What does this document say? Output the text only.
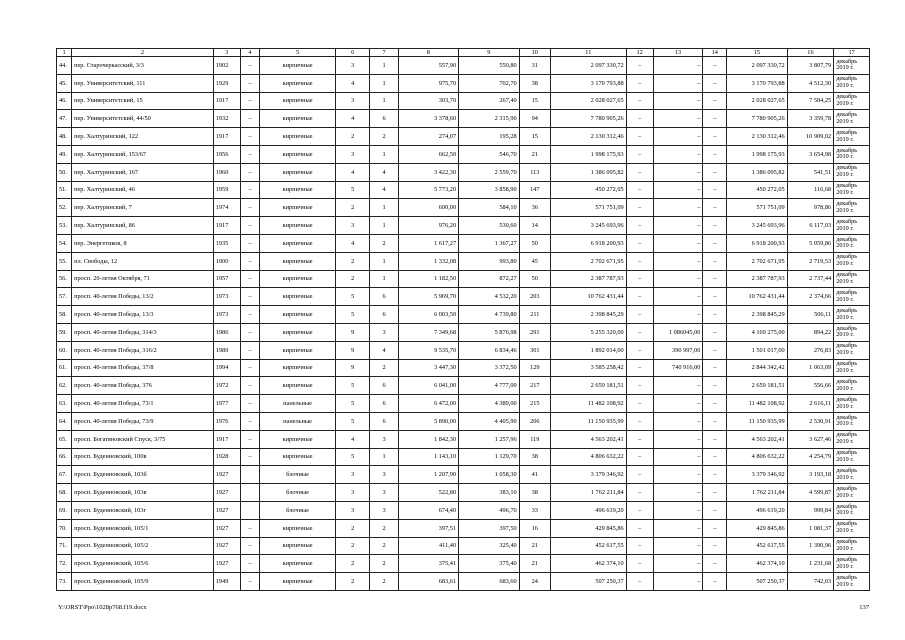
1	2	3	4	5	6	7	8	9	10	11	12	13	14	15	16	17
44.	пер. Старочеркасский, 3/3	1902	–	кирпичные	3	1	557,90	550,80	31	2 097 330,72	–	–	–	2 097 330,72	3 807,79	декабрь 2019 г.
45.	пер. Университетский, 111	1929	–	кирпичные	4	1	975,70	702,70	38	3 170 793,88	–	–	–	3 170 793,88	4 512,30	декабрь 2019 г.
46.	пер. Университетский, 15	1917	–	кирпичные	3	1	303,70	267,40	15	2 028 027,65	–	–	–	2 028 027,65	7 584,25	декабрь 2019 г.
47.	пер. Университетский, 44/50	1932	–	кирпичные	4	6	3 378,60	2 315,90	94	7 780 905,26	–	–	–	7 780 905,26	3 359,78	декабрь 2019 г.
48.	пер. Халтуринский, 122	1917	–	кирпичные	2	2	274,07	195,28	15	2 130 312,46	–	–	–	2 130 312,46	10 909,02	декабрь 2019 г.
49.	пер. Халтуринский, 153/67	1956	–	кирпичные	3	1	662,50	546,70	21	1 998 175,93	–	–	–	1 998 175,93	3 654,98	декабрь 2019 г.
50.	пер. Халтуринский, 167	1960	–	кирпичные	4	4	3 422,30	2 559,70	113	1 386 095,82	–	–	–	1 386 095,82	541,51	декабрь 2019 г.
51.	пер. Халтуринский, 46	1959	–	кирпичные	5	4	5 773,20	3 858,90	147	450 272,05	–	–	–	450 272,05	116,68	декабрь 2019 г.
52.	пер. Халтуринский, 7	1974	–	кирпичные	2	1	600,00	584,10	36	571 751,09	–	–	–	571 751,09	978,86	декабрь 2019 г.
53.	пер. Халтуринский, 86	1917	–	кирпичные	3	1	976,20	530,60	14	3 245 693,96	–	–	–	3 245 693,96	6 117,03	декабрь 2019 г.
54.	пер. Энергетиков, 8	1935	–	кирпичные	4	2	1 617,27	1 367,27	50	6 918 200,93	–	–	–	6 918 200,93	5 059,86	декабрь 2019 г.
55.	пл. Свободы, 12	1900	–	кирпичные	2	1	1 332,08	993,80	45	2 702 671,95	–	–	–	2 702 671,95	2 719,53	декабрь 2019 г.
56.	просп. 20-летия Октября, 71	1957	–	кирпичные	2	1	1 182,50	872,27	50	2 387 787,93	–	–	–	2 387 787,93	2 737,44	декабрь 2019 г.
57.	просп. 40-летия Победы, 13/2	1973	–	кирпичные	5	6	5 969,70	4 532,20	203	10 762 431,44	–	–	–	10 762 431,44	2 374,66	декабрь 2019 г.
58.	просп. 40-летия Победы, 13/3	1973	–	кирпичные	5	6	6 003,50	4 739,80	211	2 398 845,29	–	–	–	2 398 845,29	506,11	декабрь 2019 г.
59.	просп. 40-летия Победы, 314/3	1986	–	кирпичные	9	3	7 349,68	5 876,98	291	5 255 320,00	–	1 086045,00	–	4 169 275,00	894,22	декабрь 2019 г.
60.	просп. 40-летия Победы, 316/2	1989	–	кирпичные	9	4	9 535,70	6 834,46	301	1 892 014,00	–	390 997,00	–	1 501 017,00	276,83	декабрь 2019 г.
61.	просп. 40-летия Победы, 37/8	1994	–	кирпичные	9	2	3 447,30	3 372,50	129	3 585 258,42	–	740 916,00	–	2 844 342,42	1 063,09	декабрь 2019 г.
62.	просп. 40-летия Победы, 376	1972	–	кирпичные	5	6	6 041,00	4 777,00	217	2 659 181,51	–	–	–	2 659 181,51	556,66	декабрь 2019 г.
63.	просп. 40-летия Победы, 73/1	1977	–	панельные	5	6	6 472,00	4 389,00	215	11 482 108,92	–	–	–	11 482 108,92	2 616,11	декабрь 2019 г.
64.	просп. 40-летия Победы, 73/9	1976	–	панельные	5	6	5 890,00	4 405,90	206	11 150 935,99	–	–	–	11 150 935,99	2 530,91	декабрь 2019 г.
65.	просп. Богатяновский Спуск, 3/75	1917	–	кирпичные	4	3	1 842,30	1 257,96	119	4 563 202,41	–	–	–	4 563 202,41	3 627,46	декабрь 2019 г.
66.	просп. Буденновский, 100в	1928	–	кирпичные	5	1	1 143,10	1 129,70	38	4 806 632,22	–	–	–	4 806 632,22	4 254,79	декабрь 2019 г.
67.	просп. Буденновский, 103б	1927		блочные	3	3	1 207,90	1 058,30	41	3 379 346,92	–	–	–	3 379 346,92	3 193,18	декабрь 2019 г.
68.	просп. Буденновский, 103в	1927		блочные	3	3	522,80	383,10	38	1 762 211,84	–	–	–	1 762 211,84	4 599,87	декабрь 2019 г.
69.	просп. Буденновский, 103г	1927		блочные	3	3	674,40	496,70	33	496 619,20	–	–	–	496 619,20	999,84	декабрь 2019 г.
70.	просп. Буденновский, 105/1	1927	–	кирпичные	2	2	397,51	397,50	16	429 845,86	–	–	–	429 845,86	1 081,37	декабрь 2019 г.
71.	просп. Буденновский, 105/2	1927	–	кирпичные	2	2	411,40	325,40	21	452 617,55	–	–	–	452 617,55	1 390,96	декабрь 2019 г.
72.	просп. Буденновский, 105/6	1927	–	кирпичные	2	2	375,41	375,40	21	462 374,10	–	–	–	462 374,10	1 231,68	декабрь 2019 г.
73.	просп. Буденновский, 105/9	1949	–	кирпичные	2	2	683,61	683,60	24	507 250,37	–	–	–	507 250,37	742,03	декабрь 2019 г.
Y:\ORST\Ppo\1028p768.f19.docx	137
